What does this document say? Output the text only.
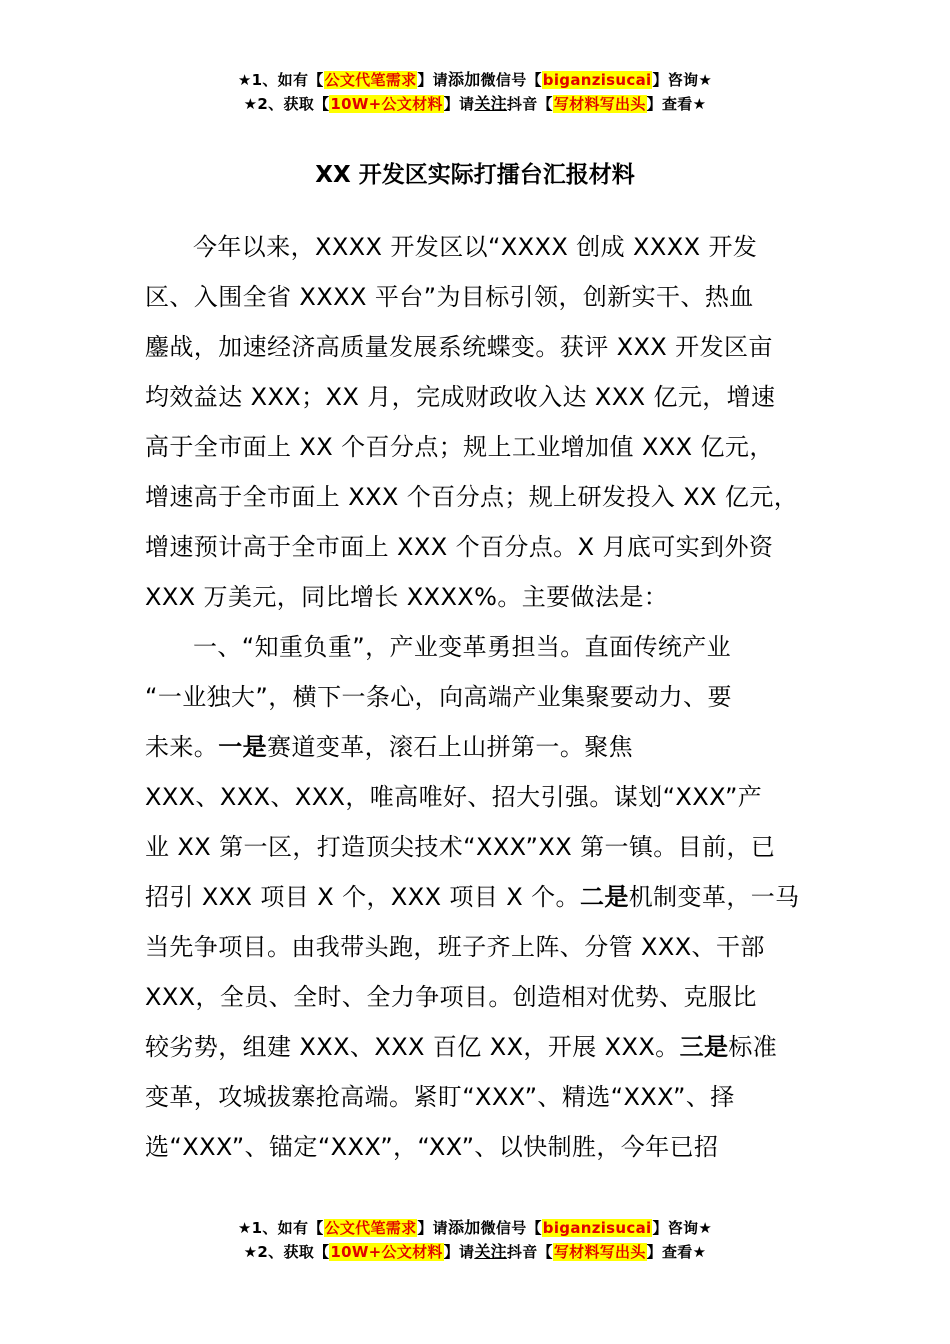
★1、如有【公文代笔需求】请添加微信号【biganzisucai】咨询★
★2、获取【10W+公文材料】请关注抖音【写材料写出头】查看★
XX 开发区实际打擂台汇报材料
今年以来，XXXX 开发区以“XXXX 创成 XXXX 开发
区、入围全省 XXXX 平台”为目标引领，创新实干、热血
鏖战，加速经济高质量发展系统蝶变。获评 XXX 开发区亩
均效益达 XXX；XX 月，完成财政收入达 XXX 亿元，增速
高于全市面上 XX 个百分点；规上工业增加值 XXX 亿元，
增速高于全市面上 XXX 个百分点；规上研发投入 XX 亿元，
增速预计高于全市面上 XXX 个百分点。X 月底可实到外资
XXX 万美元，同比增长 XXXX%。主要做法是：
一、“知重负重”，产业变革勇担当。直面传统产业
“一业独大”，横下一条心，向高端产业集聚要动力、要
未来。一是赛道变革，滚石上山拼第一。聚焦
XXX、XXX、XXX，唯高唯好、招大引强。谋划“XXX”产
业 XX 第一区，打造顶尖技术“XXX”XX 第一镇。目前，已
招引 XXX 项目 X 个，XXX 项目 X 个。二是机制变革，一马
当先争项目。由我带头跑，班子齐上阵、分管 XXX、干部
XXX，全员、全时、全力争项目。创造相对优势、克服比
较劣势，组建 XXX、XXX 百亿 XX，开展 XXX。三是标准
变革，攻城拔寨抢高端。紧盯“XXX”、精选“XXX”、择
选“XXX”、锚定“XXX”，“XX”、以快制胜，今年已招
★1、如有【公文代笔需求】请添加微信号【biganzisucai】咨询★
★2、获取【10W+公文材料】请关注抖音【写材料写出头】查看★
